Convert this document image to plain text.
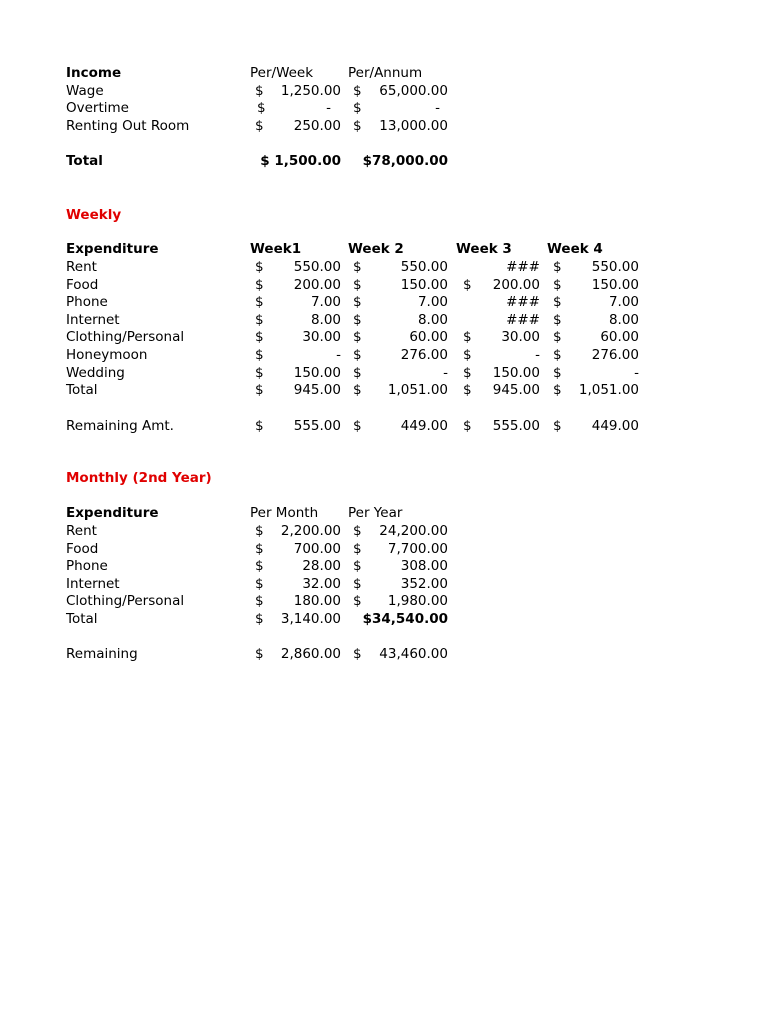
Income	Per/Week	Per/Annum
Wage	$ 1,250.00 $ 65,000.00
Overtime	$	- $	-
Renting Out Room	$ 250.00 $ 13,000.00
Total	$ 1,500.00 $78,000.00
Weekly
Expenditure	Week1	Week 2	Week 3	Week 4
Rent	$ 550.00 $	550.00	### $ 550.00
Food	$ 200.00 $	150.00 $ 200.00 $ 150.00
Phone	$	7.00 $	7.00	### $	7.00
Internet	$	8.00 $	8.00	### $	8.00
Clothing/Personal	$	30.00 $	60.00 $ 30.00 $	60.00
Honeymoon	$	- $	276.00 $	- $ 276.00
Wedding	$ 150.00 $	- $ 150.00 $	-
Total	$ 945.00 $ 1,051.00 $ 945.00 $ 1,051.00
Remaining Amt.	$ 555.00 $	449.00 $ 555.00 $ 449.00
Monthly (2nd Year)
Expenditure	Per Month Per Year
Rent	$ 2,200.00 $ 24,200.00
Food	$ 700.00 $ 7,700.00
Phone	$	28.00 $	308.00
Internet	$	32.00 $	352.00
Clothing/Personal	$ 180.00 $ 1,980.00
Total	$ 3,140.00 $34,540.00
Remaining	$ 2,860.00 $ 43,460.00
